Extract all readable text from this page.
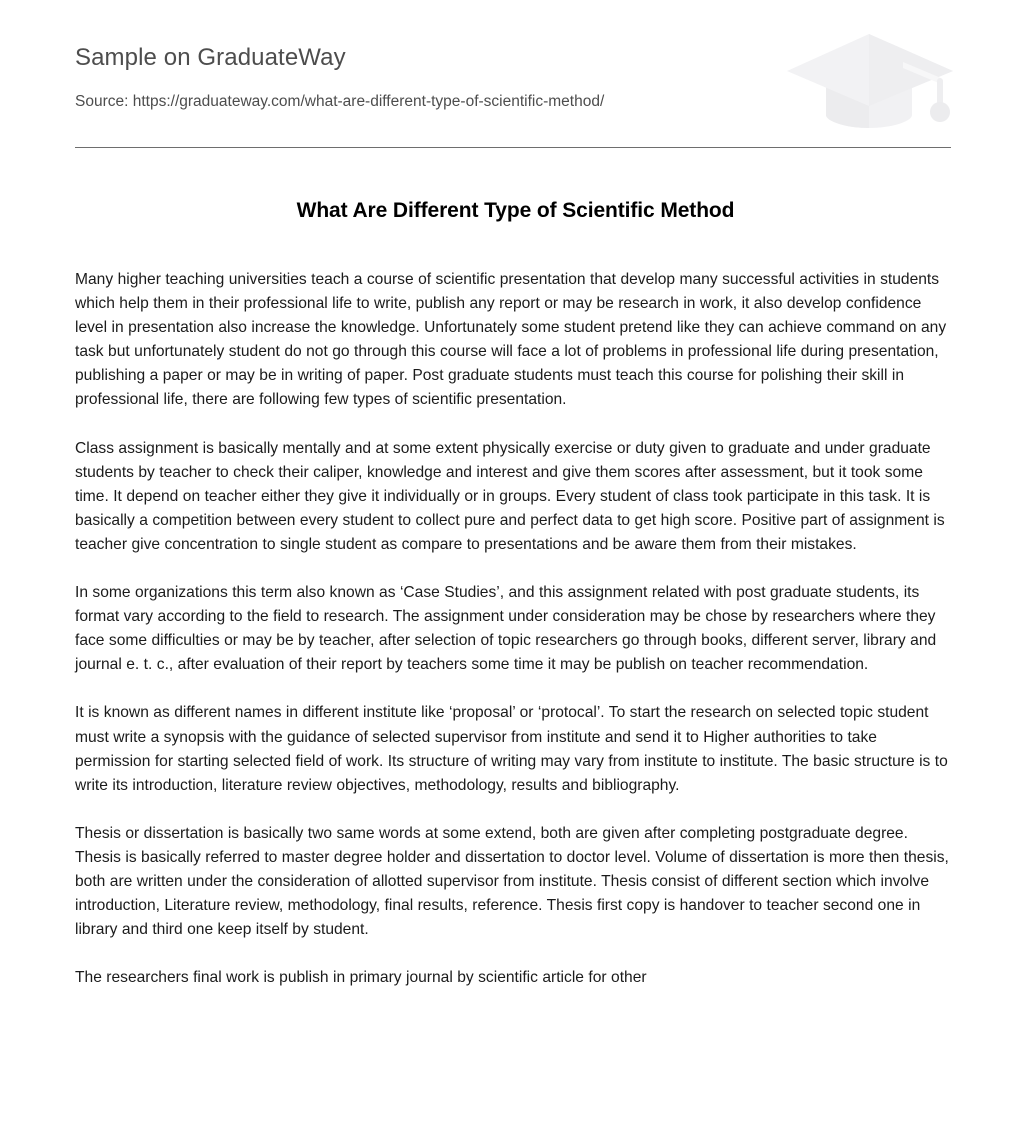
Sample on GraduateWay
Source: https://graduateway.com/what-are-different-type-of-scientific-method/
What Are Different Type of Scientific Method

Many higher teaching universities teach a course of scientific presentation that develop many successful activities in students which help them in their professional life to write, publish any report or may be research in work, it also develop confidence level in presentation also increase the knowledge. Unfortunately some student pretend like they can achieve command on any task but unfortunately student do not go through this course will face a lot of problems in professional life during presentation, publishing a paper or may be in writing of paper. Post graduate students must teach this course for polishing their skill in professional life, there are following few types of scientific presentation.

Class assignment is basically mentally and at some extent physically exercise or duty given to graduate and under graduate students by teacher to check their caliper, knowledge and interest and give them scores after assessment, but it took some time. It depend on teacher either they give it individually or in groups. Every student of class took participate in this task. It is basically a competition between every student to collect pure and perfect data to get high score. Positive part of assignment is teacher give concentration to single student as compare to presentations and be aware them from their mistakes.

In some organizations this term also known as ‘Case Studies’, and this assignment related with post graduate students, its format vary according to the field to research. The assignment under consideration may be chose by researchers where they face some difficulties or may be by teacher, after selection of topic researchers go through books, different server, library and journal e. t. c., after evaluation of their report by teachers some time it may be publish on teacher recommendation.

It is known as different names in different institute like ‘proposal’ or ‘protocal’. To start the research on selected topic student must write a synopsis with the guidance of selected supervisor from institute and send it to Higher authorities to take permission for starting selected field of work. Its structure of writing may vary from institute to institute. The basic structure is to write its introduction, literature review objectives, methodology, results and bibliography.

Thesis or dissertation is basically two same words at some extend, both are given after completing postgraduate degree. Thesis is basically referred to master degree holder and dissertation to doctor level. Volume of dissertation is more then thesis, both are written under the consideration of allotted supervisor from institute. Thesis consist of different section which involve introduction, Literature review, methodology, final results, reference. Thesis first copy is handover to teacher second one in library and third one keep itself by student.

The researchers final work is publish in primary journal by scientific article for other
